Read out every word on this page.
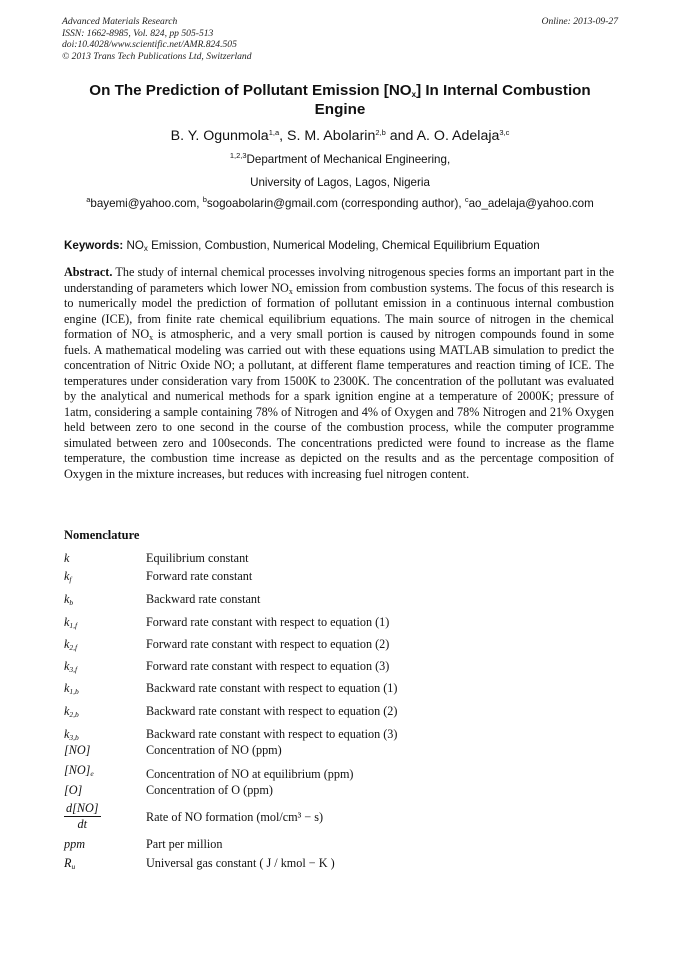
Advanced Materials Research
ISSN: 1662-8985, Vol. 824, pp 505-513
doi:10.4028/www.scientific.net/AMR.824.505
© 2013 Trans Tech Publications Ltd, Switzerland
Online: 2013-09-27
On The Prediction of Pollutant Emission $[NO_x]$ In Internal Combustion Engine
B. Y. Ogunmola$^{1,a}$, S. M. Abolarin$^{2,b}$ and A. O. Adelaja$^{3,c}$
$^{1,2,3}$Department of Mechanical Engineering,
University of Lagos, Lagos, Nigeria
$^a$bayemi@yahoo.com, $^b$sogoabolarin@gmail.com (corresponding author), $^c$ao_adelaja@yahoo.com
Keywords: $NO_x$ Emission, Combustion, Numerical Modeling, Chemical Equilibrium Equation
Abstract. The study of internal chemical processes involving nitrogenous species forms an important part in the understanding of parameters which lower $NO_x$ emission from combustion systems. The focus of this research is to numerically model the prediction of formation of pollutant emission in a continuous internal combustion engine (ICE), from finite rate chemical equilibrium equations. The main source of nitrogen in the chemical formation of $NO_x$ is atmospheric, and a very small portion is caused by nitrogen compounds found in some fuels. A mathematical modeling was carried out with these equations using MATLAB simulation to predict the concentration of Nitric Oxide NO; a pollutant, at different flame temperatures and reaction timing of ICE. The temperatures under consideration vary from 1500K to 2300K. The concentration of the pollutant was evaluated by the analytical and numerical methods for a spark ignition engine at a temperature of 2000K; pressure of 1atm, considering a sample containing 78% of Nitrogen and 4% of Oxygen and 78% Nitrogen and 21% Oxygen held between zero to one second in the course of the combustion process, while the computer programme simulated between zero and 100seconds. The concentrations predicted were found to increase as the flame temperature, the combustion time increase as depicted on the results and as the percentage composition of Oxygen in the mixture increases, but reduces with increasing fuel nitrogen content.
Nomenclature
k	Equilibrium constant
$k_f$	Forward rate constant
$k_b$	Backward rate constant
$k_{1,f}$	Forward rate constant with respect to equation (1)
$k_{2,f}$	Forward rate constant with respect to equation (2)
$k_{3,f}$	Forward rate constant with respect to equation (3)
$k_{1,b}$	Backward rate constant with respect to equation (1)
$k_{2,b}$	Backward rate constant with respect to equation (2)
$k_{3,b}$	Backward rate constant with respect to equation (3)
[NO]	Concentration of NO (ppm)
$[NO]_e$	Concentration of NO at equilibrium (ppm)
[O]	Concentration of O (ppm)
$\frac{d[NO]}{dt}$	Rate of NO formation (mol/cm³ − s)
ppm	Part per million
$R_u$	Universal gas constant ( J / kmol − K )
